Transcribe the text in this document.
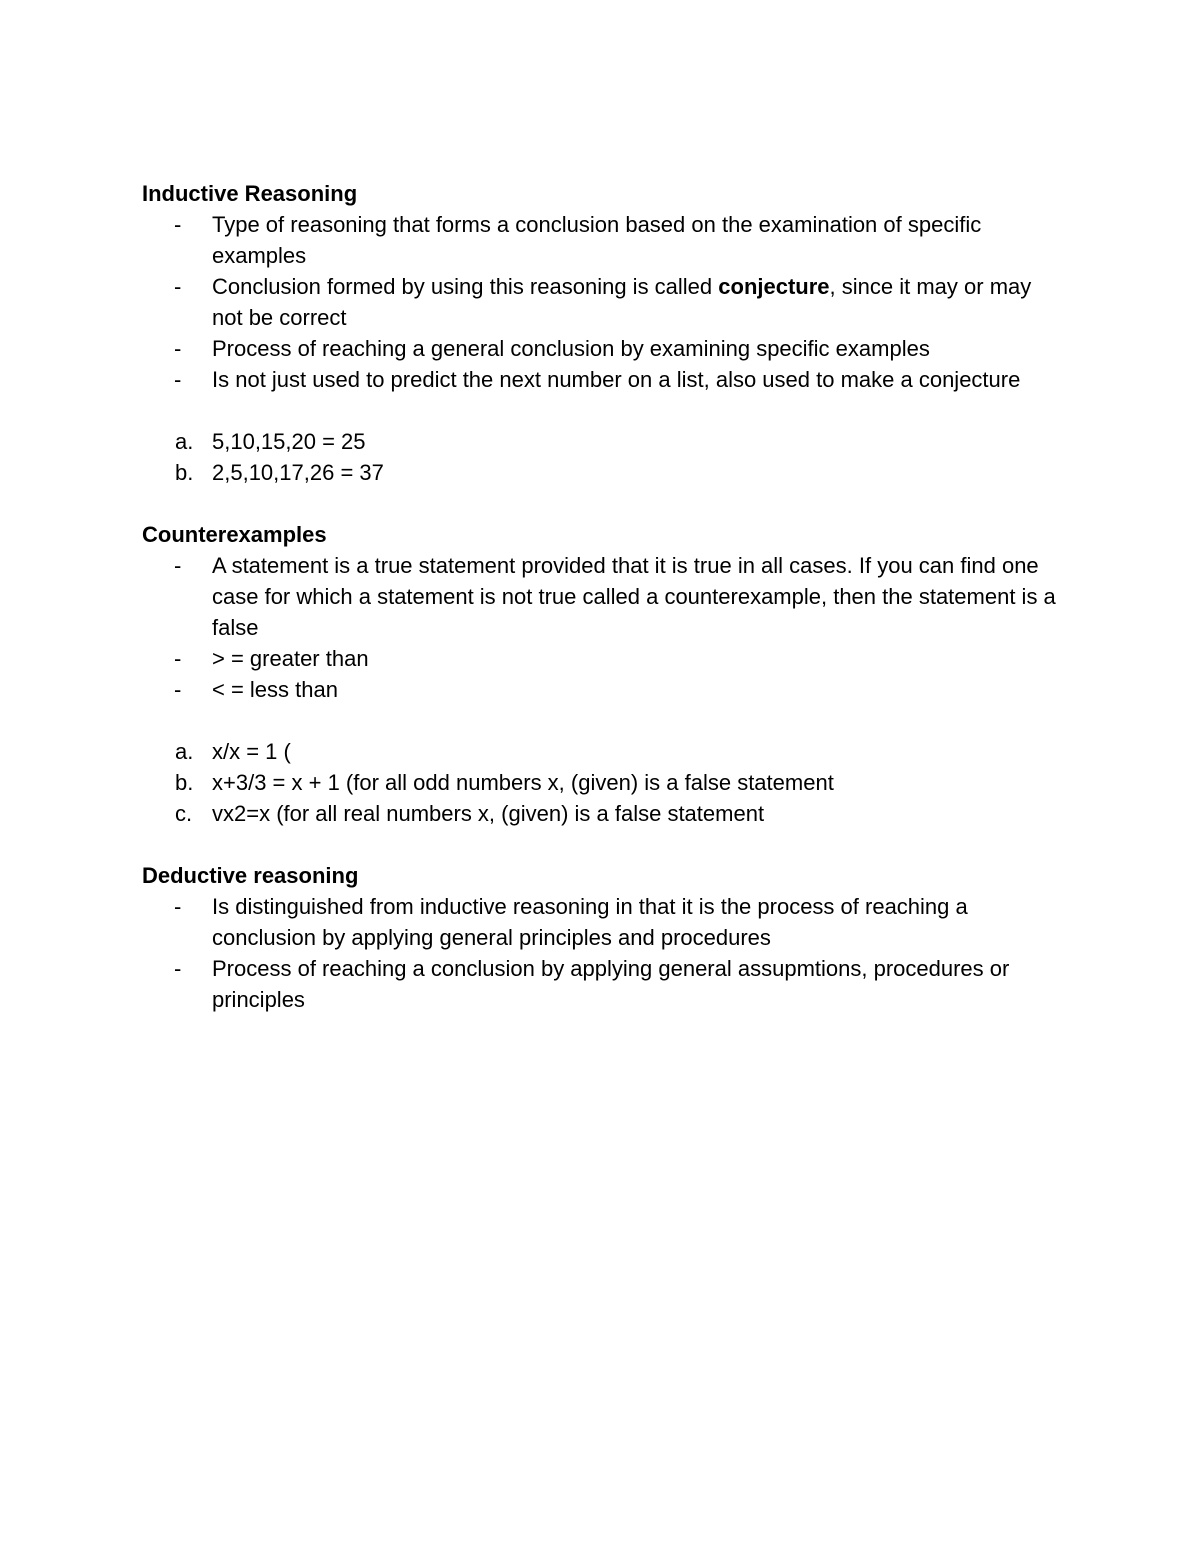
Inductive Reasoning
- Type of reasoning that forms a conclusion based on the examination of specific examples
- Conclusion formed by using this reasoning is called conjecture, since it may or may not be correct
- Process of reaching a general conclusion by examining specific examples
- Is not just used to predict the next number on a list, also used to make a conjecture
a. 5,10,15,20 = 25
b. 2,5,10,17,26 = 37
Counterexamples
- A statement is a true statement provided that it is true in all cases. If you can find one case for which a statement is not true called a counterexample, then the statement is a false
- > = greater than
- < = less than
a. x/x = 1 (
b. x+3/3 = x + 1 (for all odd numbers x, (given) is a false statement
c. vx2=x (for all real numbers x, (given) is a false statement
Deductive reasoning
- Is distinguished from inductive reasoning in that it is the process of reaching a conclusion by applying general principles and procedures
- Process of reaching a conclusion by applying general assupmtions, procedures or principles
